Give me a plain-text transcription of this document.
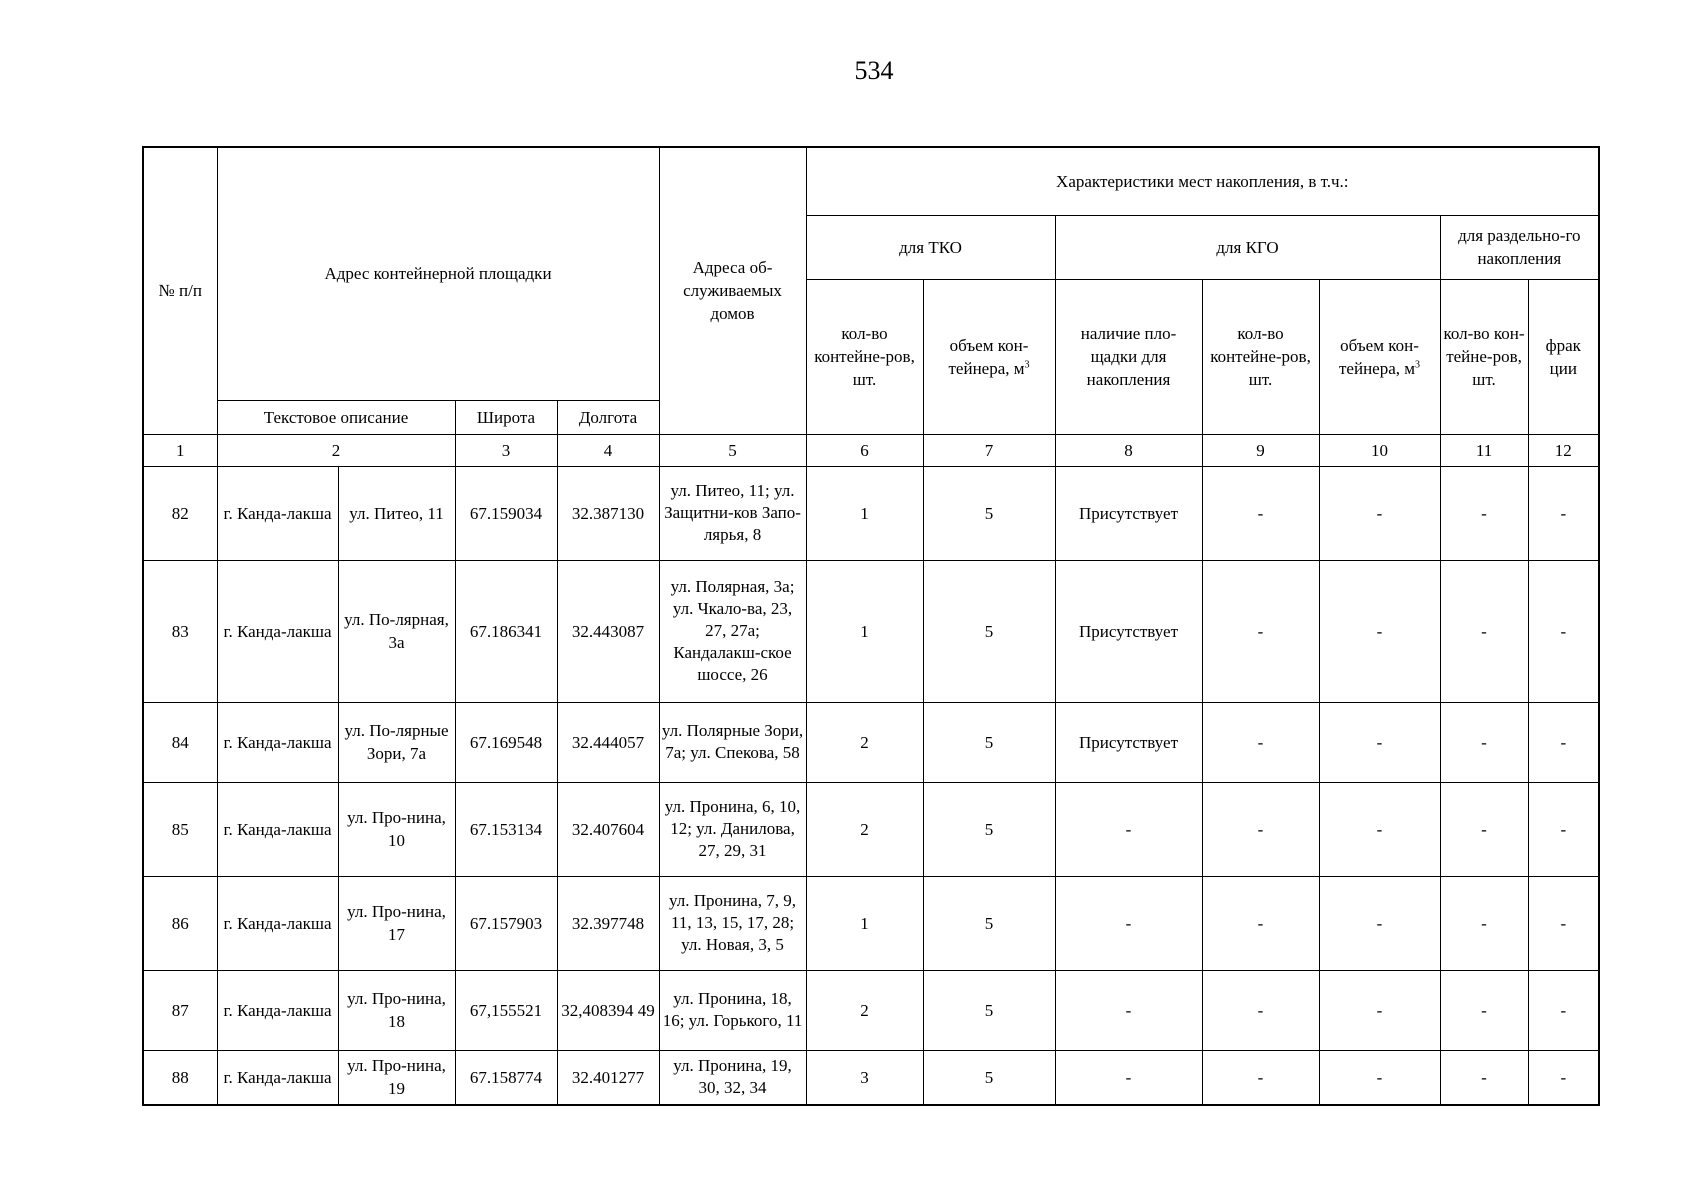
534
№ п/п	Адрес контейнерной площадки				Адреса об-служиваемых домов	Характеристики мест накопления, в т.ч.:						
						для ТКО		для КГО			для раздельно-го накопления	
						кол-во контейне-ров, шт.	объем кон-тейнера, $м^3$	наличие пло-щадки для накопления	кол-во контейне-ров, шт.	объем кон-тейнера, $м^3$	кол-во кон-тейне-ров, шт.	фрак ции
	Текстовое описание		Широта	Долгота								
1	2		3	4	5	6	7	8	9	10	11	12
82	г. Канда-лакша	ул. Питео, 11	67.159034	32.387130	ул. Питео, 11; ул. Защитни-ков Запо-лярья, 8	1	5	Присутствует	-	-	-	-
83	г. Канда-лакша	ул. По-лярная, 3а	67.186341	32.443087	ул. Полярная, 3а; ул. Чкало-ва, 23, 27, 27а; Кандалакш-ское шоссе, 26	1	5	Присутствует	-	-	-	-
84	г. Канда-лакша	ул. По-лярные Зори, 7а	67.169548	32.444057	ул. Полярные Зори, 7а; ул. Спекова, 58	2	5	Присутствует	-	-	-	-
85	г. Канда-лакша	ул. Про-нина, 10	67.153134	32.407604	ул. Пронина, 6, 10, 12; ул. Данилова, 27, 29, 31	2	5	-	-	-	-	-
86	г. Канда-лакша	ул. Про-нина, 17	67.157903	32.397748	ул. Пронина, 7, 9, 11, 13, 15, 17, 28; ул. Новая, 3, 5	1	5	-	-	-	-	-
87	г. Канда-лакша	ул. Про-нина, 18	67,155521	32,408394 49	ул. Пронина, 18, 16; ул. Горького, 11	2	5	-	-	-	-	-
88	г. Канда-лакша	ул. Про-нина, 19	67.158774	32.401277	ул. Пронина, 19, 30, 32, 34	3	5	-	-	-	-	-
